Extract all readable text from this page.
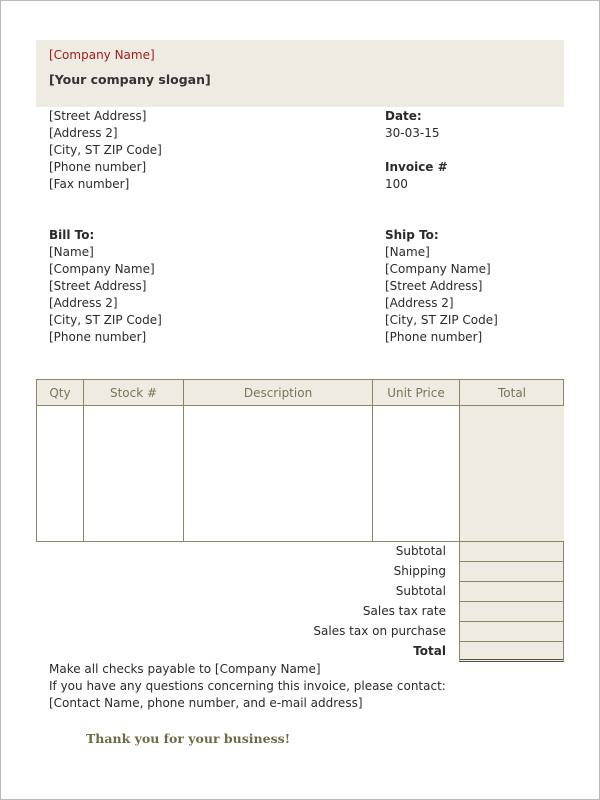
[Company Name]
[Your company slogan]
[Street Address]
[Address 2]
[City, ST ZIP Code]
[Phone number]
[Fax number]
Date:
30-03-15
Invoice #
100
Bill To:
[Name]
[Company Name]
[Street Address]
[Address 2]
[City, ST ZIP Code]
[Phone number]
Ship To:
[Name]
[Company Name]
[Street Address]
[Address 2]
[City, ST ZIP Code]
[Phone number]
Qty	Stock #	Description	Unit Price	Total
Subtotal
Shipping
Subtotal
Sales tax rate
Sales tax on purchase
Total
Make all checks payable to [Company Name]
If you have any questions concerning this invoice, please contact:
[Contact Name, phone number, and e-mail address]
Thank you for your business!
